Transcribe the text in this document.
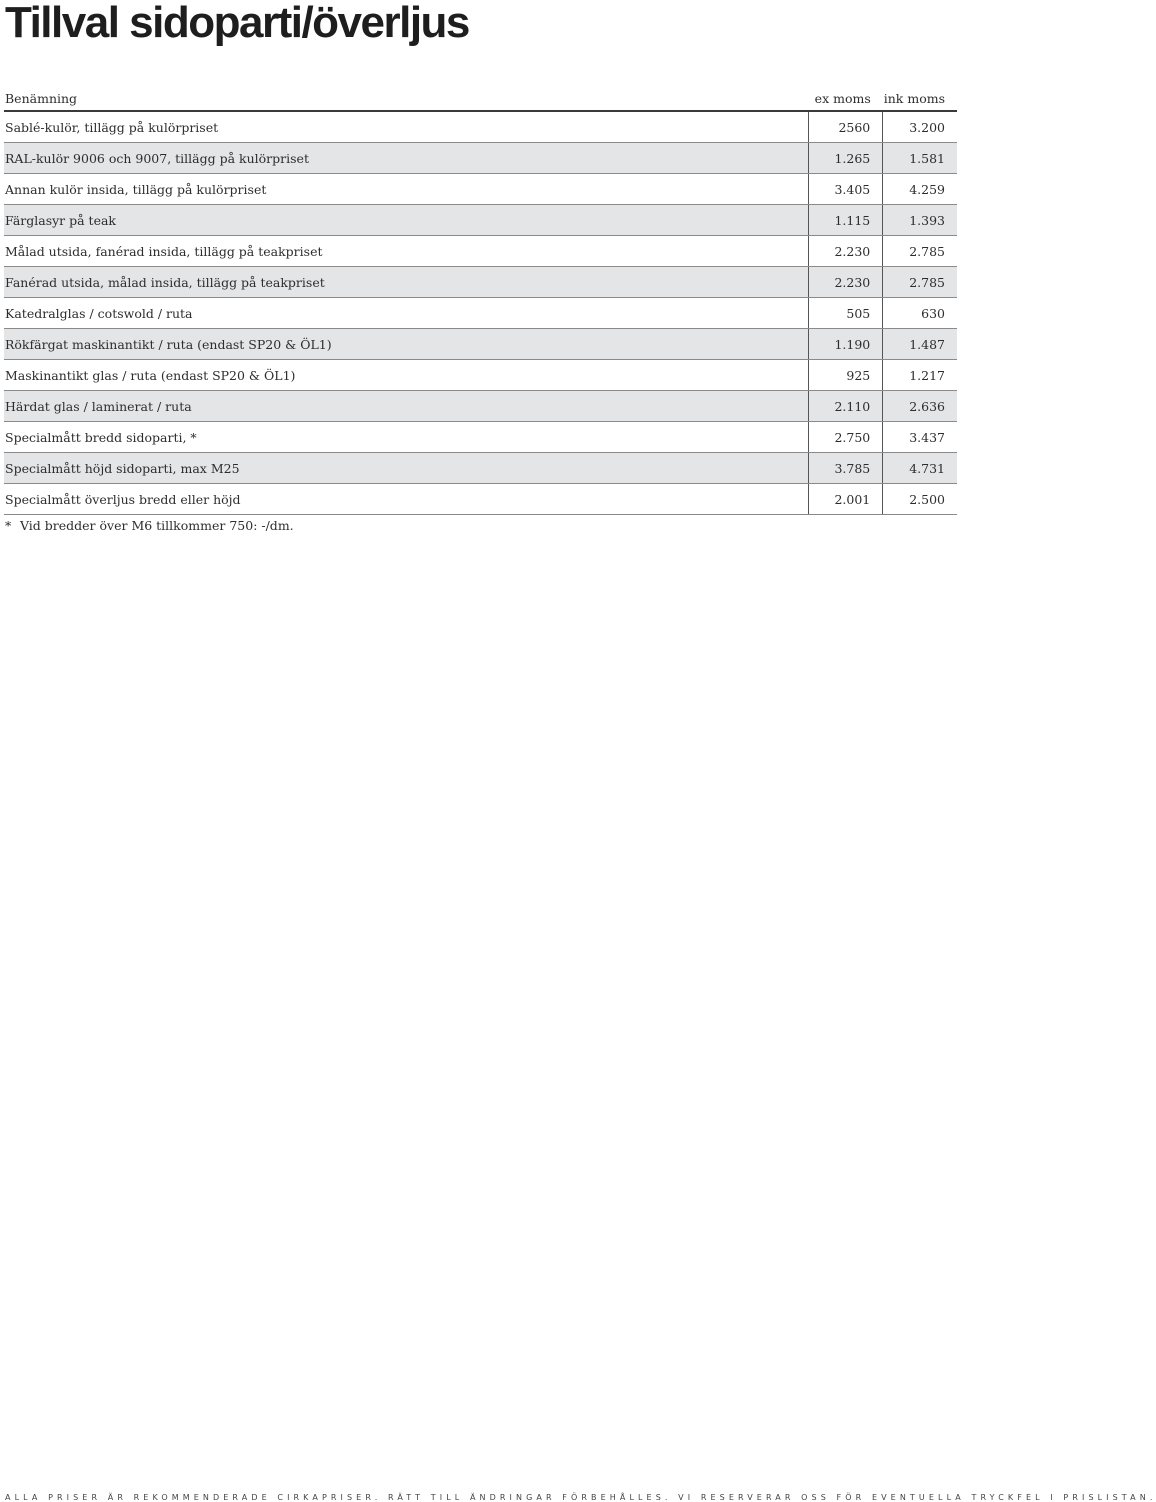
Tillval sidoparti/överljus
Benämning	ex moms	ink moms
Sablé-kulör, tillägg på kulörpriset	2560	3.200
RAL-kulör 9006 och 9007, tillägg på kulörpriset	1.265	1.581
Annan kulör insida, tillägg på kulörpriset	3.405	4.259
Färglasyr på teak	1.115	1.393
Målad utsida, fanérad insida, tillägg på teakpriset	2.230	2.785
Fanérad utsida, målad insida, tillägg på teakpriset	2.230	2.785
Katedralglas / cotswold / ruta	505	630
Rökfärgat maskinantikt / ruta (endast SP20 & ÖL1)	1.190	1.487
Maskinantikt glas / ruta (endast SP20 & ÖL1)	925	1.217
Härdat glas / laminerat / ruta	2.110	2.636
Specialmått bredd sidoparti, *	2.750	3.437
Specialmått höjd sidoparti, max M25	3.785	4.731
Specialmått överljus bredd eller höjd	2.001	2.500
* Vid bredder över M6 tillkommer 750: -/dm.
ALLA PRISER ÄR REKOMMENDERADE CIRKAPRISER. RÄTT TILL ÄNDRINGAR FÖRBEHÅLLES. VI RESERVERAR OSS FÖR EVENTUELLA TRYCKFEL I PRISLISTAN.
